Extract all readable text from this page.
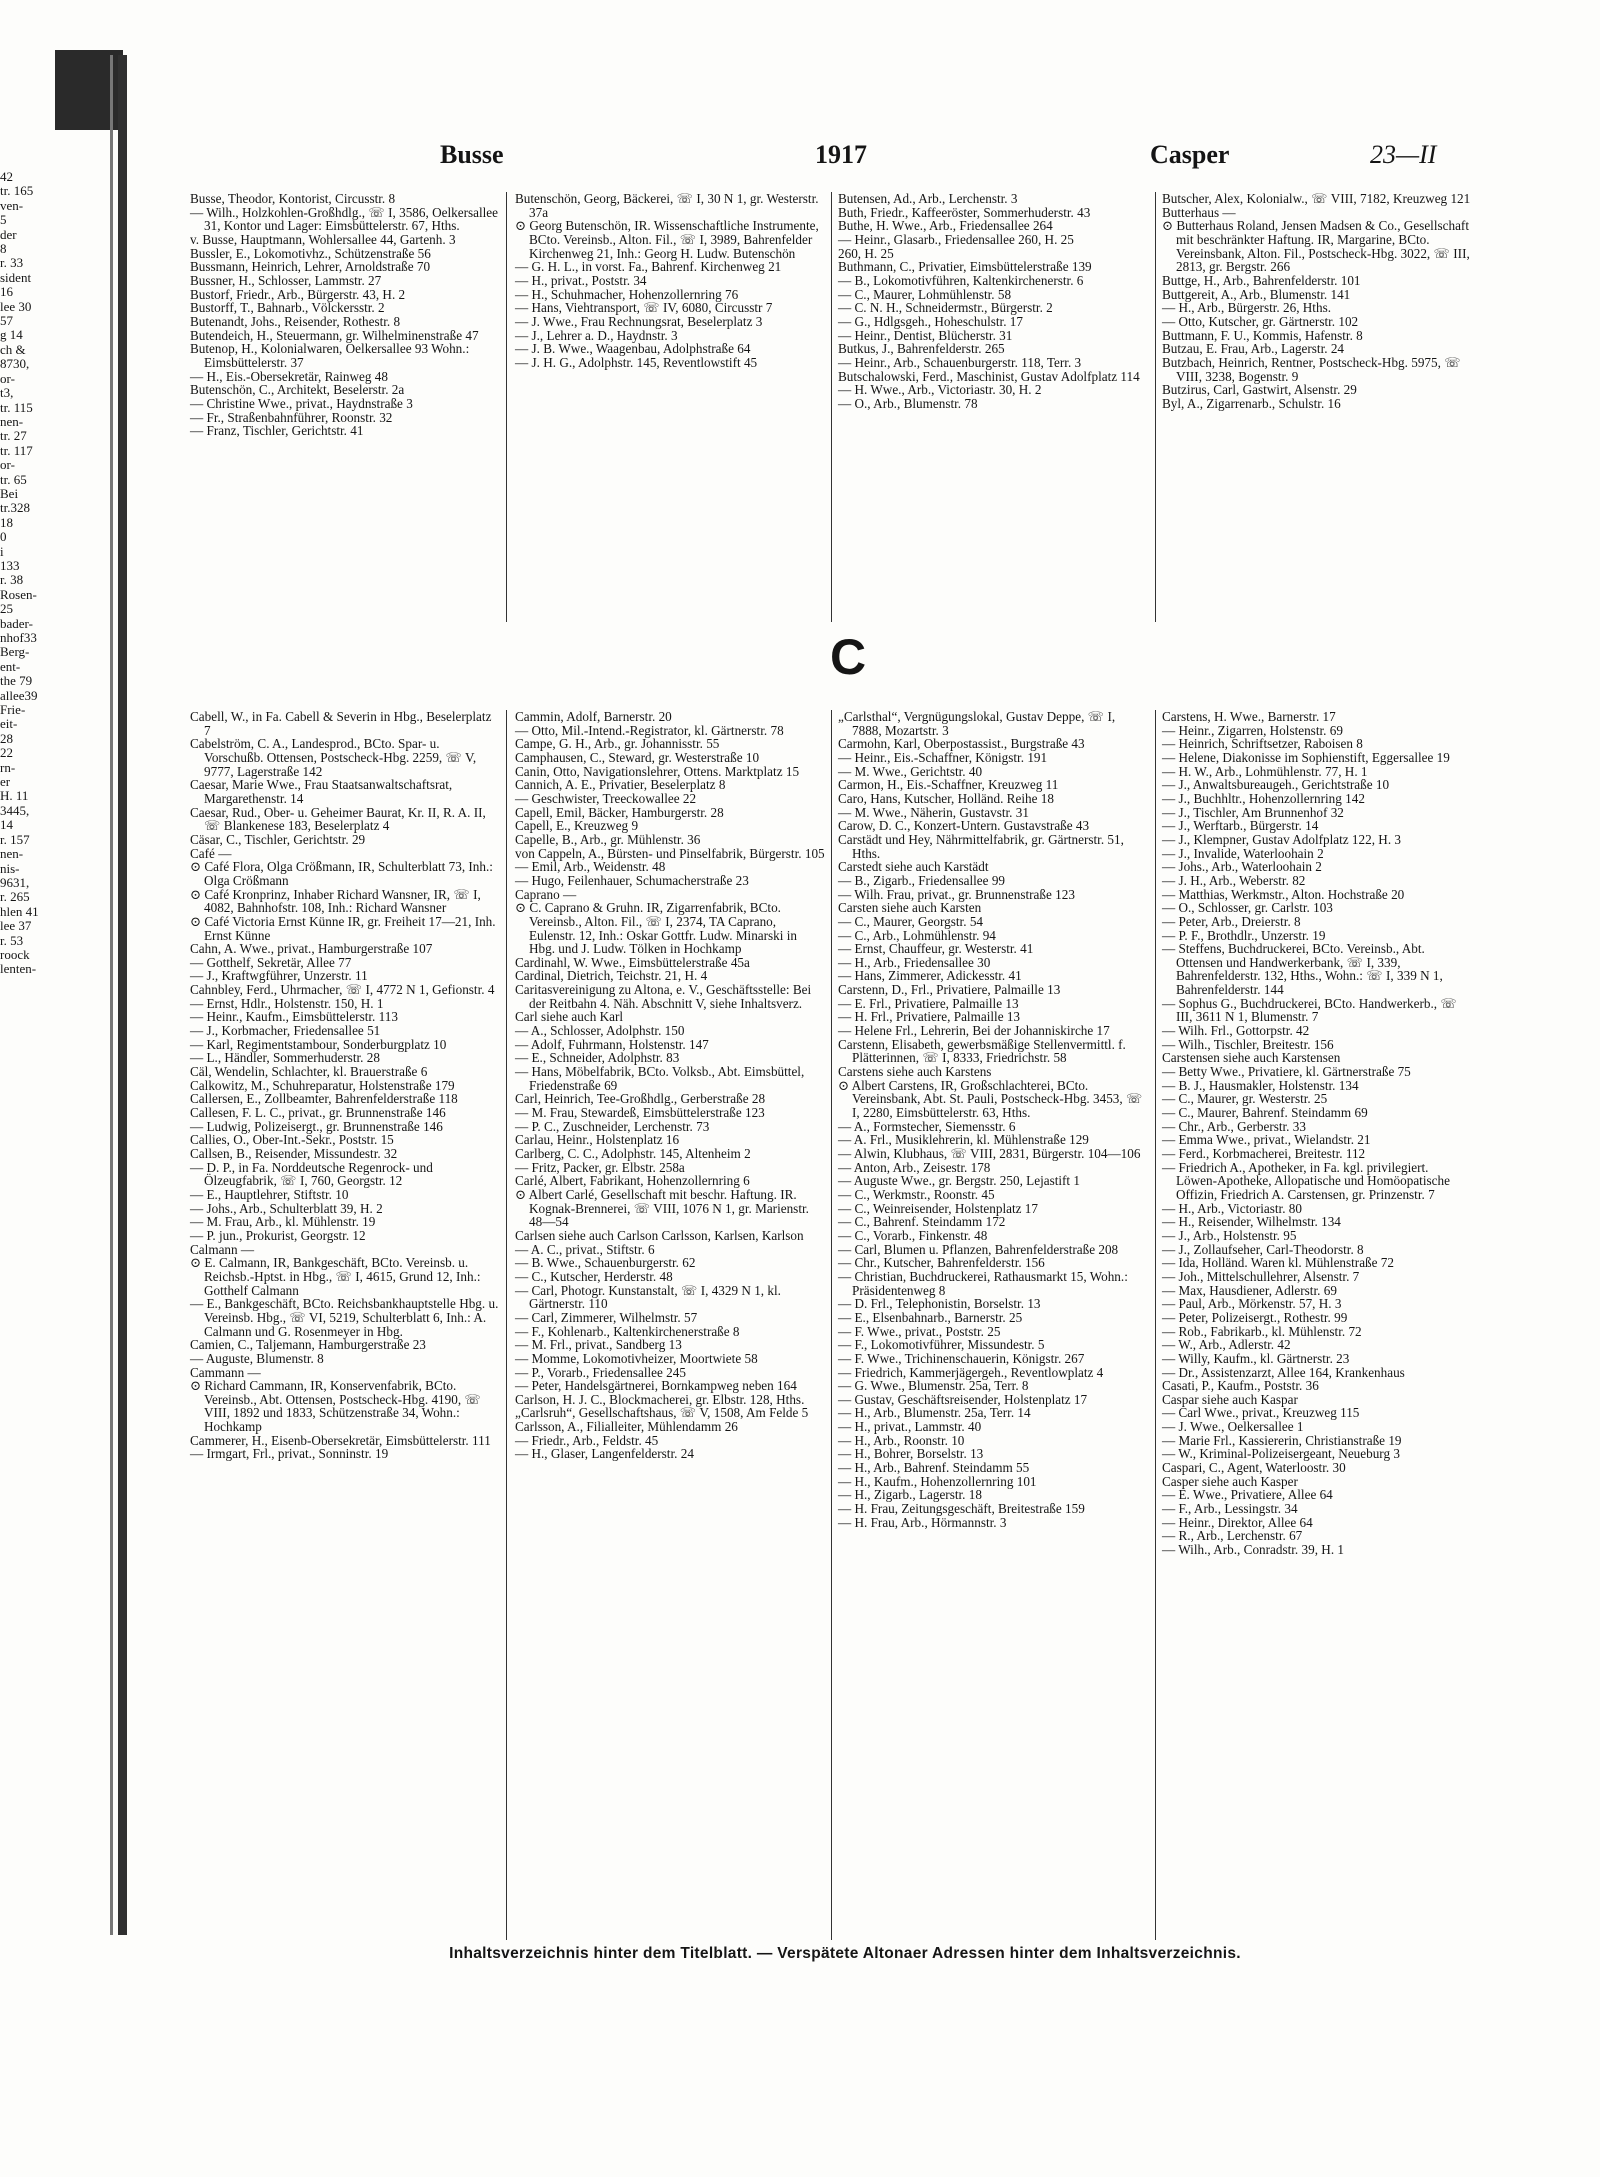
42
tr. 165
ven-
5
der
8
r. 33
sident
16
lee 30
57
g 14
ch &
8730,
or-
t3,
tr. 115
nen-
tr. 27
tr. 117
or-
tr. 65
Bei
tr.328
18
0
i
133
r. 38
Rosen-
25
bader-
nhof33
Berg-
ent-
the 79
allee39
Frie-
eit-
28
22
rn-
er
H. 11
3445,
14
r. 157
nen-
nis-
9631,
r. 265
hlen 41
lee 37
r. 53
roock
lenten-
Busse	1917	Casper	23—II
Busse, Theodor, Kontorist, Circusstr. 8
— Wilh., Holzkohlen-Großhdlg., ☏ I, 3586, Oelkersallee 31, Kontor und Lager: Eimsbüttelerstr. 67, Hths.
v. Busse, Hauptmann, Wohlersallee 44, Gartenh. 3
Bussler, E., Lokomotivhz., Schützenstraße 56
Bussmann, Heinrich, Lehrer, Arnoldstraße 70
Bussner, H., Schlosser, Lammstr. 27
Bustorf, Friedr., Arb., Bürgerstr. 43, H. 2
Bustorff, T., Bahnarb., Völckersstr. 2
Butenandt, Johs., Reisender, Rothestr. 8
Butendeich, H., Steuermann, gr. Wilhelminenstraße 47
Butenop, H., Kolonialwaren, Oelkersallee 93 Wohn.: Eimsbüttelerstr. 37
— H., Eis.-Obersekretär, Rainweg 48
Butenschön, C., Architekt, Beselerstr. 2a
— Christine Wwe., privat., Haydnstraße 3
— Fr., Straßenbahnführer, Roonstr. 32
— Franz, Tischler, Gerichtstr. 41
Butenschön, Georg, Bäckerei, ☏ I, 30 N 1, gr. Westerstr. 37a
⊙ Georg Butenschön, IR. Wissenschaftliche Instrumente, BCto. Vereinsb., Alton. Fil., ☏ I, 3989, Bahrenfelder Kirchenweg 21, Inh.: Georg H. Ludw. Butenschön
— G. H. L., in vorst. Fa., Bahrenf. Kirchenweg 21
— H., privat., Poststr. 34
— H., Schuhmacher, Hohenzollernring 76
— Hans, Viehtransport, ☏ IV, 6080, Circusstr 7
— J. Wwe., Frau Rechnungsrat, Beselerplatz 3
— J., Lehrer a. D., Haydnstr. 3
— J. B. Wwe., Waagenbau, Adolphstraße 64
— J. H. G., Adolphstr. 145, Reventlowstift 45
Butensen, Ad., Arb., Lerchenstr. 3
Buth, Friedr., Kaffeeröster, Sommerhuderstr. 43
Buthe, H. Wwe., Arb., Friedensallee 264
— Heinr., Glasarb., Friedensallee 260, H. 25
260, H. 25
Buthmann, C., Privatier, Eimsbüttelerstraße 139
— B., Lokomotivführen, Kaltenkirchenerstr. 6
— C., Maurer, Lohmühlenstr. 58
— C. N. H., Schneidermstr., Bürgerstr. 2
— G., Hdlgsgeh., Hoheschulstr. 17
— Heinr., Dentist, Blücherstr. 31
Butkus, J., Bahrenfelderstr. 265
— Heinr., Arb., Schauenburgerstr. 118, Terr. 3
Butschalowski, Ferd., Maschinist, Gustav Adolfplatz 114
— H. Wwe., Arb., Victoriastr. 30, H. 2
— O., Arb., Blumenstr. 78
Butscher, Alex, Kolonialw., ☏ VIII, 7182, Kreuzweg 121
Butterhaus —
⊙ Butterhaus Roland, Jensen Madsen & Co., Gesellschaft mit beschränkter Haftung. IR, Margarine, BCto. Vereinsbank, Alton. Fil., Postscheck-Hbg. 3022, ☏ III, 2813, gr. Bergstr. 266
Buttge, H., Arb., Bahrenfelderstr. 101
Buttgereit, A., Arb., Blumenstr. 141
— H., Arb., Bürgerstr. 26, Hths.
— Otto, Kutscher, gr. Gärtnerstr. 102
Buttmann, F. U., Kommis, Hafenstr. 8
Butzau, E. Frau, Arb., Lagerstr. 24
Butzbach, Heinrich, Rentner, Postscheck-Hbg. 5975, ☏ VIII, 3238, Bogenstr. 9
Butzirus, Carl, Gastwirt, Alsenstr. 29
Byl, A., Zigarrenarb., Schulstr. 16
C
Cabell, W., in Fa. Cabell & Severin in Hbg., Beselerplatz 7
Cabelström, C. A., Landesprod., BCto. Spar- u. Vorschußb. Ottensen, Postscheck-Hbg. 2259, ☏ V, 9777, Lagerstraße 142
Caesar, Marie Wwe., Frau Staatsanwaltschaftsrat, Margarethenstr. 14
Caesar, Rud., Ober- u. Geheimer Baurat, Kr. II, R. A. II, ☏ Blankenese 183, Beselerplatz 4
Cäsar, C., Tischler, Gerichtstr. 29
Café —
⊙ Café Flora, Olga Crößmann, IR, Schulterblatt 73, Inh.: Olga Crößmann
⊙ Café Kronprinz, Inhaber Richard Wansner, IR, ☏ I, 4082, Bahnhofstr. 108, Inh.: Richard Wansner
⊙ Café Victoria Ernst Künne IR, gr. Freiheit 17—21, Inh. Ernst Künne
Cahn, A. Wwe., privat., Hamburgerstraße 107
— Gotthelf, Sekretär, Allee 77
— J., Kraftwgführer, Unzerstr. 11
Cahnbley, Ferd., Uhrmacher, ☏ I, 4772 N 1, Gefionstr. 4
— Ernst, Hdlr., Holstenstr. 150, H. 1
— Heinr., Kaufm., Eimsbüttelerstr. 113
— J., Korbmacher, Friedensallee 51
— Karl, Regimentstambour, Sonderburgplatz 10
— L., Händler, Sommerhuderstr. 28
Cäl, Wendelin, Schlachter, kl. Brauerstraße 6
Calkowitz, M., Schuhreparatur, Holstenstraße 179
Callersen, E., Zollbeamter, Bahrenfelderstraße 118
Callesen, F. L. C., privat., gr. Brunnenstraße 146
— Ludwig, Polizeisergt., gr. Brunnenstraße 146
Callies, O., Ober-Int.-Sekr., Poststr. 15
Callsen, B., Reisender, Missundestr. 32
— D. P., in Fa. Norddeutsche Regenrock- und Ölzeugfabrik, ☏ I, 760, Georgstr. 12
— E., Hauptlehrer, Stiftstr. 10
— Johs., Arb., Schulterblatt 39, H. 2
— M. Frau, Arb., kl. Mühlenstr. 19
— P. jun., Prokurist, Georgstr. 12
Calmann —
⊙ E. Calmann, IR, Bankgeschäft, BCto. Vereinsb. u. Reichsb.-Hptst. in Hbg., ☏ I, 4615, Grund 12, Inh.: Gotthelf Calmann
— E., Bankgeschäft, BCto. Reichsbankhauptstelle Hbg. u. Vereinsb. Hbg., ☏ VI, 5219, Schulterblatt 6, Inh.: A. Calmann und G. Rosenmeyer in Hbg.
Camien, C., Taljemann, Hamburgerstraße 23
— Auguste, Blumenstr. 8
Cammann —
⊙ Richard Cammann, IR, Konservenfabrik, BCto. Vereinsb., Abt. Ottensen, Postscheck-Hbg. 4190, ☏ VIII, 1892 und 1833, Schützenstraße 34, Wohn.: Hochkamp
Cammerer, H., Eisenb-Obersekretär, Eimsbüttelerstr. 111
— Irmgart, Frl., privat., Sonninstr. 19
Cammin, Adolf, Barnerstr. 20
— Otto, Mil.-Intend.-Registrator, kl. Gärtnerstr. 78
Campe, G. H., Arb., gr. Johannisstr. 55
Camphausen, C., Steward, gr. Westerstraße 10
Canin, Otto, Navigationslehrer, Ottens. Marktplatz 15
Cannich, A. E., Privatier, Beselerplatz 8
— Geschwister, Treeckowallee 22
Capell, Emil, Bäcker, Hamburgerstr. 28
Capell, E., Kreuzweg 9
Capelle, B., Arb., gr. Mühlenstr. 36
von Cappeln, A., Bürsten- und Pinselfabrik, Bürgerstr. 105
— Emil, Arb., Weidenstr. 48
— Hugo, Feilenhauer, Schumacherstraße 23
Caprano —
⊙ C. Caprano & Gruhn. IR, Zigarrenfabrik, BCto. Vereinsb., Alton. Fil., ☏ I, 2374, TA Caprano, Eulenstr. 12, Inh.: Oskar Gottfr. Ludw. Minarski in Hbg. und J. Ludw. Tölken in Hochkamp
Cardinahl, W. Wwe., Eimsbüttelerstraße 45a
Cardinal, Dietrich, Teichstr. 21, H. 4
Caritasvereinigung zu Altona, e. V., Geschäftsstelle: Bei der Reitbahn 4. Näh. Abschnitt V, siehe Inhaltsverz.
Carl siehe auch Karl
— A., Schlosser, Adolphstr. 150
— Adolf, Fuhrmann, Holstenstr. 147
— E., Schneider, Adolphstr. 83
— Hans, Möbelfabrik, BCto. Volksb., Abt. Eimsbüttel, Friedenstraße 69
Carl, Heinrich, Tee-Großhdlg., Gerberstraße 28
— M. Frau, Stewardeß, Eimsbüttelerstraße 123
— P. C., Zuschneider, Lerchenstr. 73
Carlau, Heinr., Holstenplatz 16
Carlberg, C. C., Adolphstr. 145, Altenheim 2
— Fritz, Packer, gr. Elbstr. 258a
Carlé, Albert, Fabrikant, Hohenzollernring 6
⊙ Albert Carlé, Gesellschaft mit beschr. Haftung. IR. Kognak-Brennerei, ☏ VIII, 1076 N 1, gr. Marienstr. 48—54
Carlsen siehe auch Carlson Carlsson, Karlsen, Karlson
— A. C., privat., Stiftstr. 6
— B. Wwe., Schauenburgerstr. 62
— C., Kutscher, Herderstr. 48
— Carl, Photogr. Kunstanstalt, ☏ I, 4329 N 1, kl. Gärtnerstr. 110
— Carl, Zimmerer, Wilhelmstr. 57
— F., Kohlenarb., Kaltenkirchenerstraße 8
— M. Frl., privat., Sandberg 13
— Momme, Lokomotivheizer, Moortwiete 58
— P., Vorarb., Friedensallee 245
— Peter, Handelsgärtnerei, Bornkampweg neben 164
Carlson, H. J. C., Blockmacherei, gr. Elbstr. 128, Hths.
„Carlsruh“, Gesellschaftshaus, ☏ V, 1508, Am Felde 5
Carlsson, A., Filialleiter, Mühlendamm 26
— Friedr., Arb., Feldstr. 45
— H., Glaser, Langenfelderstr. 24
„Carlsthal“, Vergnügungslokal, Gustav Deppe, ☏ I, 7888, Mozartstr. 3
Carmohn, Karl, Oberpostassist., Burgstraße 43
— Heinr., Eis.-Schaffner, Königstr. 191
— M. Wwe., Gerichtstr. 40
Carmon, H., Eis.-Schaffner, Kreuzweg 11
Caro, Hans, Kutscher, Holländ. Reihe 18
— M. Wwe., Näherin, Gustavstr. 31
Carow, D. C., Konzert-Untern. Gustavstraße 43
Carstädt und Hey, Nährmittelfabrik, gr. Gärtnerstr. 51, Hths.
Carstedt siehe auch Karstädt
— B., Zigarb., Friedensallee 99
— Wilh. Frau, privat., gr. Brunnenstraße 123
Carsten siehe auch Karsten
— C., Maurer, Georgstr. 54
— C., Arb., Lohmühlenstr. 94
— Ernst, Chauffeur, gr. Westerstr. 41
— H., Arb., Friedensallee 30
— Hans, Zimmerer, Adickesstr. 41
Carstenn, D., Frl., Privatiere, Palmaille 13
— E. Frl., Privatiere, Palmaille 13
— H. Frl., Privatiere, Palmaille 13
— Helene Frl., Lehrerin, Bei der Johanniskirche 17
Carstenn, Elisabeth, gewerbsmäßige Stellenvermittl. f. Plätterinnen, ☏ I, 8333, Friedrichstr. 58
Carstens siehe auch Karstens
⊙ Albert Carstens, IR, Großschlachterei, BCto. Vereinsbank, Abt. St. Pauli, Postscheck-Hbg. 3453, ☏ I, 2280, Eimsbüttelerstr. 63, Hths.
— A., Formstecher, Siemensstr. 6
— A. Frl., Musiklehrerin, kl. Mühlenstraße 129
— Alwin, Klubhaus, ☏ VIII, 2831, Bürgerstr. 104—106
— Anton, Arb., Zeisestr. 178
— Auguste Wwe., gr. Bergstr. 250, Lejastift 1
— C., Werkmstr., Roonstr. 45
— C., Weinreisender, Holstenplatz 17
— C., Bahrenf. Steindamm 172
— C., Vorarb., Finkenstr. 48
— Carl, Blumen u. Pflanzen, Bahrenfelderstraße 208
— Chr., Kutscher, Bahrenfelderstr. 156
— Christian, Buchdruckerei, Rathausmarkt 15, Wohn.: Präsidentenweg 8
— D. Frl., Telephonistin, Borselstr. 13
— E., Elsenbahnarb., Barnerstr. 25
— F. Wwe., privat., Poststr. 25
— F., Lokomotivführer, Missundestr. 5
— F. Wwe., Trichinenschauerin, Königstr. 267
— Friedrich, Kammerjägergeh., Reventlowplatz 4
— G. Wwe., Blumenstr. 25a, Terr. 8
— Gustav, Geschäftsreisender, Holstenplatz 17
— H., Arb., Blumenstr. 25a, Terr. 14
— H., privat., Lammstr. 40
— H., Arb., Roonstr. 10
— H., Bohrer, Borselstr. 13
— H., Arb., Bahrenf. Steindamm 55
— H., Kaufm., Hohenzollernring 101
— H., Zigarb., Lagerstr. 18
— H. Frau, Zeitungsgeschäft, Breitestraße 159
— H. Frau, Arb., Hörmannstr. 3
Carstens, H. Wwe., Barnerstr. 17
— Heinr., Zigarren, Holstenstr. 69
— Heinrich, Schriftsetzer, Raboisen 8
— Helene, Diakonisse im Sophienstift, Eggersallee 19
— H. W., Arb., Lohmühlenstr. 77, H. 1
— J., Anwaltsbureaugeh., Gerichtstraße 10
— J., Buchhltr., Hohenzollernring 142
— J., Tischler, Am Brunnenhof 32
— J., Werftarb., Bürgerstr. 14
— J., Klempner, Gustav Adolfplatz 122, H. 3
— J., Invalide, Waterloohain 2
— Johs., Arb., Waterloohain 2
— J. H., Arb., Weberstr. 82
— Matthias, Werkmstr., Alton. Hochstraße 20
— O., Schlosser, gr. Carlstr. 103
— Peter, Arb., Dreierstr. 8
— P. F., Brothdlr., Unzerstr. 19
— Steffens, Buchdruckerei, BCto. Vereinsb., Abt. Ottensen und Handwerkerbank, ☏ I, 339, Bahrenfelderstr. 132, Hths., Wohn.: ☏ I, 339 N 1, Bahrenfelderstr. 144
— Sophus G., Buchdruckerei, BCto. Handwerkerb., ☏ III, 3611 N 1, Blumenstr. 7
— Wilh. Frl., Gottorpstr. 42
— Wilh., Tischler, Breitestr. 156
Carstensen siehe auch Karstensen
— Betty Wwe., Privatiere, kl. Gärtnerstraße 75
— B. J., Hausmakler, Holstenstr. 134
— C., Maurer, gr. Westerstr. 25
— C., Maurer, Bahrenf. Steindamm 69
— Chr., Arb., Gerberstr. 33
— Emma Wwe., privat., Wielandstr. 21
— Ferd., Korbmacherei, Breitestr. 112
— Friedrich A., Apotheker, in Fa. kgl. privilegiert. Löwen-Apotheke, Allopatische und Homöopatische Offizin, Friedrich A. Carstensen, gr. Prinzenstr. 7
— H., Arb., Victoriastr. 80
— H., Reisender, Wilhelmstr. 134
— J., Arb., Holstenstr. 95
— J., Zollaufseher, Carl-Theodorstr. 8
— Ida, Holländ. Waren kl. Mühlenstraße 72
— Joh., Mittelschullehrer, Alsenstr. 7
— Max, Hausdiener, Adlerstr. 69
— Paul, Arb., Mörkenstr. 57, H. 3
— Peter, Polizeisergt., Rothestr. 99
— Rob., Fabrikarb., kl. Mühlenstr. 72
— W., Arb., Adlerstr. 42
— Willy, Kaufm., kl. Gärtnerstr. 23
— Dr., Assistenzarzt, Allee 164, Krankenhaus
Casati, P., Kaufm., Poststr. 36
Caspar siehe auch Kaspar
— Carl Wwe., privat., Kreuzweg 115
— J. Wwe., Oelkersallee 1
— Marie Frl., Kassiererin, Christianstraße 19
— W., Kriminal-Polizeisergeant, Neueburg 3
Caspari, C., Agent, Waterloostr. 30
Casper siehe auch Kasper
— E. Wwe., Privatiere, Allee 64
— F., Arb., Lessingstr. 34
— Heinr., Direktor, Allee 64
— R., Arb., Lerchenstr. 67
— Wilh., Arb., Conradstr. 39, H. 1
Inhaltsverzeichnis hinter dem Titelblatt. — Verspätete Altonaer Adressen hinter dem Inhaltsverzeichnis.
